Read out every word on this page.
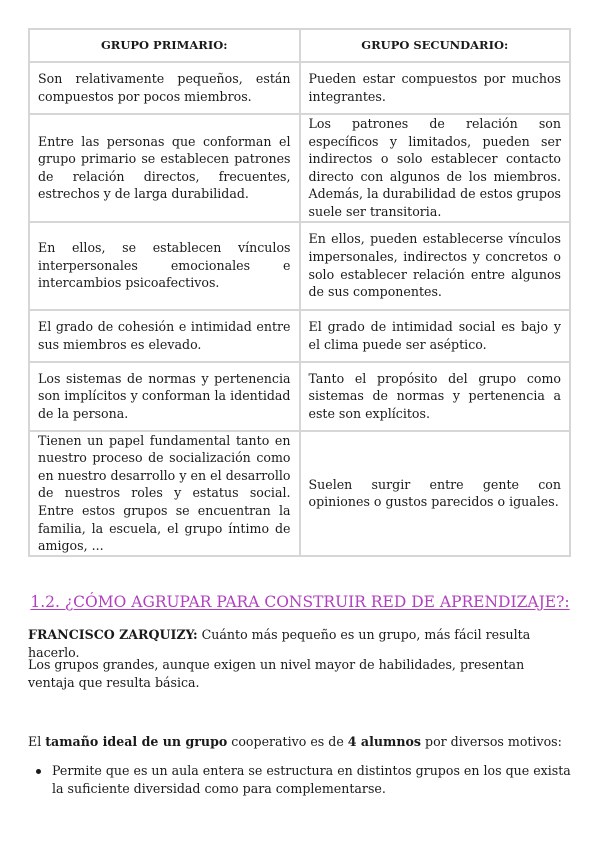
GRUPO PRIMARIO:	GRUPO SECUNDARIO:
Son relativamente pequeños, están compuestos por pocos miembros.	Pueden estar compuestos por muchos integrantes.
Entre las personas que conforman el grupo primario se establecen patrones de relación directos, frecuentes, estrechos y de larga durabilidad.	Los patrones de relación son específicos y limitados, pueden ser indirectos o solo establecer contacto directo con algunos de los miembros. Además, la durabilidad de estos grupos suele ser transitoria.
En ellos, se establecen vínculos interpersonales emocionales e intercambios psicoafectivos.	En ellos, pueden establecerse vínculos impersonales, indirectos y concretos o solo establecer relación entre algunos de sus componentes.
El grado de cohesión e intimidad entre sus miembros es elevado.	El grado de intimidad social es bajo y el clima puede ser aséptico.
Los sistemas de normas y pertenencia son implícitos y conforman la identidad de la persona.	Tanto el propósito del grupo como sistemas de normas y pertenencia a este son explícitos.
Tienen un papel fundamental tanto en nuestro proceso de socialización como en nuestro desarrollo y en el desarrollo de nuestros roles y estatus social. Entre estos grupos se encuentran la familia, la escuela, el grupo íntimo de amigos, ...	Suelen surgir entre gente con opiniones o gustos parecidos o iguales.
1.2. ¿CÓMO AGRUPAR PARA CONSTRUIR RED DE APRENDIZAJE?:
FRANCISCO ZARQUIZY: Cuánto más pequeño es un grupo, más fácil resulta hacerlo.
Los grupos grandes, aunque exigen un nivel mayor de habilidades, presentan ventaja que resulta básica.
El tamaño ideal de un grupo cooperativo es de 4 alumnos por diversos motivos:
Permite que es un aula entera se estructura en distintos grupos en los que exista la suficiente diversidad como para complementarse.
